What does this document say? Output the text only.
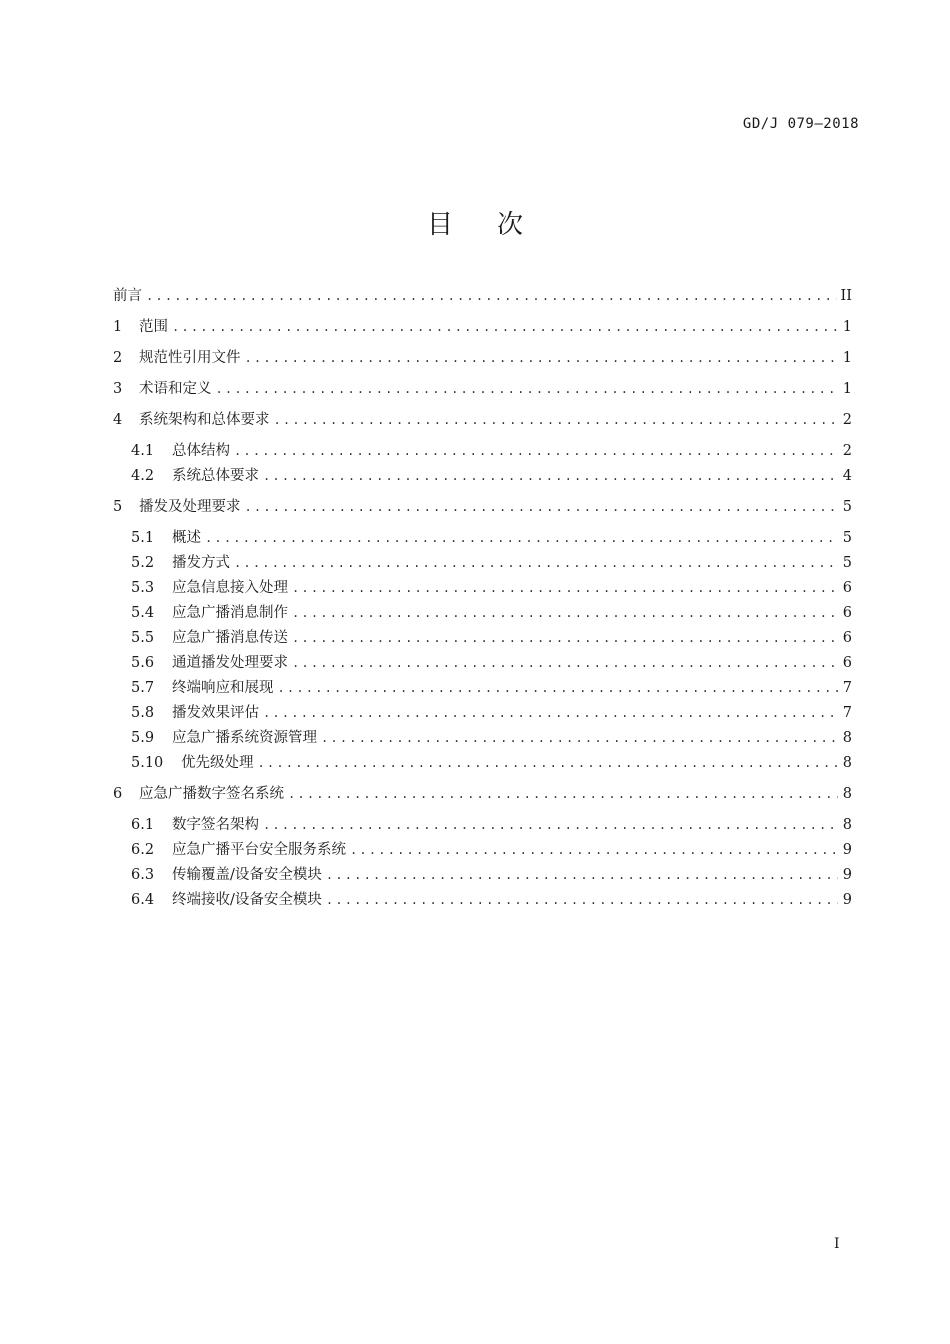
GD/J 079—2018
目次
前言 .....	II
1	范围 .....	1
2	规范性引用文件 .....	1
3	术语和定义 .....	1
4	系统架构和总体要求 .....	2
4.1	总体结构 .....	2
4.2	系统总体要求 .....	4
5	播发及处理要求 .....	5
5.1	概述 .....	5
5.2	播发方式 .....	5
5.3	应急信息接入处理 .....	6
5.4	应急广播消息制作 .....	6
5.5	应急广播消息传送 .....	6
5.6	通道播发处理要求 .....	6
5.7	终端响应和展现 .....	7
5.8	播发效果评估 .....	7
5.9	应急广播系统资源管理 .....	8
5.10	优先级处理 .....	8
6	应急广播数字签名系统 .....	8
6.1	数字签名架构 .....	8
6.2	应急广播平台安全服务系统 .....	9
6.3	传输覆盖/设备安全模块 .....	9
6.4	终端接收/设备安全模块 .....	9
I
